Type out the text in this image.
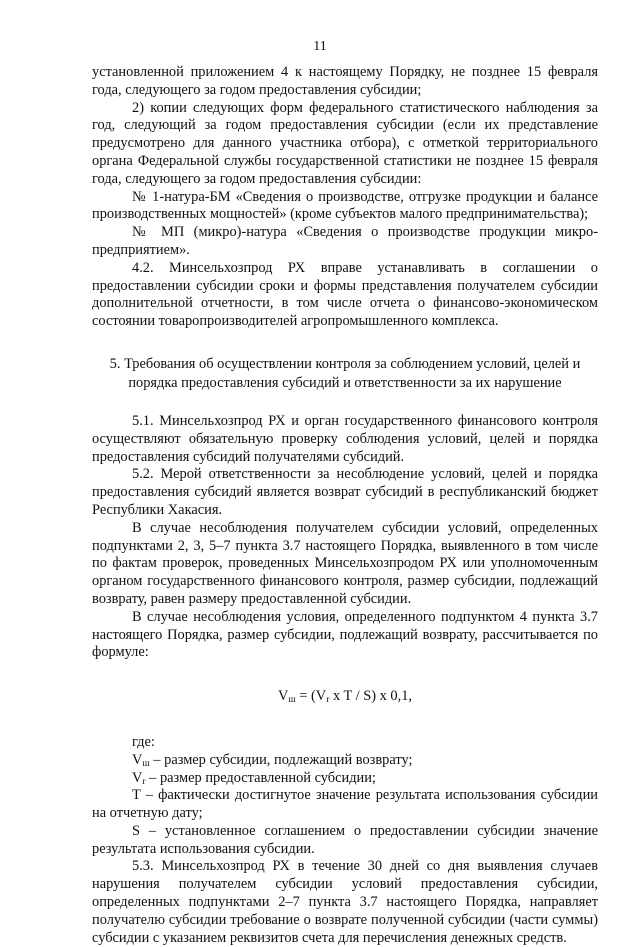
11

установленной приложением 4 к настоящему Порядку, не позднее 15 февраля года, следующего за годом предоставления субсидии;

2) копии следующих форм федерального статистического наблюдения за год, следующий за годом предоставления субсидии (если их представление предусмотрено для данного участника отбора), с отметкой территориального органа Федеральной службы государственной статистики не позднее 15 февраля года, следующего за годом предоставления субсидии:

№ 1-натура-БМ «Сведения о производстве, отгрузке продукции и балансе производственных мощностей» (кроме субъектов малого предпринимательства);

№ МП (микро)-натура «Сведения о производстве продукции микро-предприятием».

4.2. Минсельхозпрод РХ вправе устанавливать в соглашении о предоставлении субсидии сроки и формы представления получателем субсидии дополнительной отчетности, в том числе отчета о финансово-экономическом состоянии товаропроизводителей агропромышленного комплекса.

5. Требования об осуществлении контроля за соблюдением условий, целей и
порядка предоставления субсидий и ответственности за их нарушение

5.1. Минсельхозпрод РХ и орган государственного финансового контроля осуществляют обязательную проверку соблюдения условий, целей и порядка предоставления субсидий получателями субсидий.

5.2. Мерой ответственности за несоблюдение условий, целей и порядка предоставления субсидий является возврат субсидий в республиканский бюджет Республики Хакасия.

В случае несоблюдения получателем субсидии условий, определенных подпунктами 2, 3, 5–7 пункта 3.7 настоящего Порядка, выявленного в том числе по фактам проверок, проведенных Минсельхозпродом РХ или уполномоченным органом государственного финансового контроля, размер субсидии, подлежащий возврату, равен размеру предоставленной субсидии.

В случае несоблюдения условия, определенного подпунктом 4 пункта 3.7 настоящего Порядка, размер субсидии, подлежащий возврату, рассчитывается по формуле:

$V_ш = (V_r$ x T / S) x 0,1,

где:

$V_ш$ – размер субсидии, подлежащий возврату;

$V_r$ – размер предоставленной субсидии;

T – фактически достигнутое значение результата использования субсидии на отчетную дату;

S – установленное соглашением о предоставлении субсидии значение результата использования субсидии.

5.3. Минсельхозпрод РХ в течение 30 дней со дня выявления случаев нарушения получателем субсидии условий предоставления субсидии, определенных подпунктами 2–7 пункта 3.7 настоящего Порядка, направляет получателю субсидии требование о возврате полученной субсидии (части суммы) субсидии с указанием реквизитов счета для перечисления денежных средств.
